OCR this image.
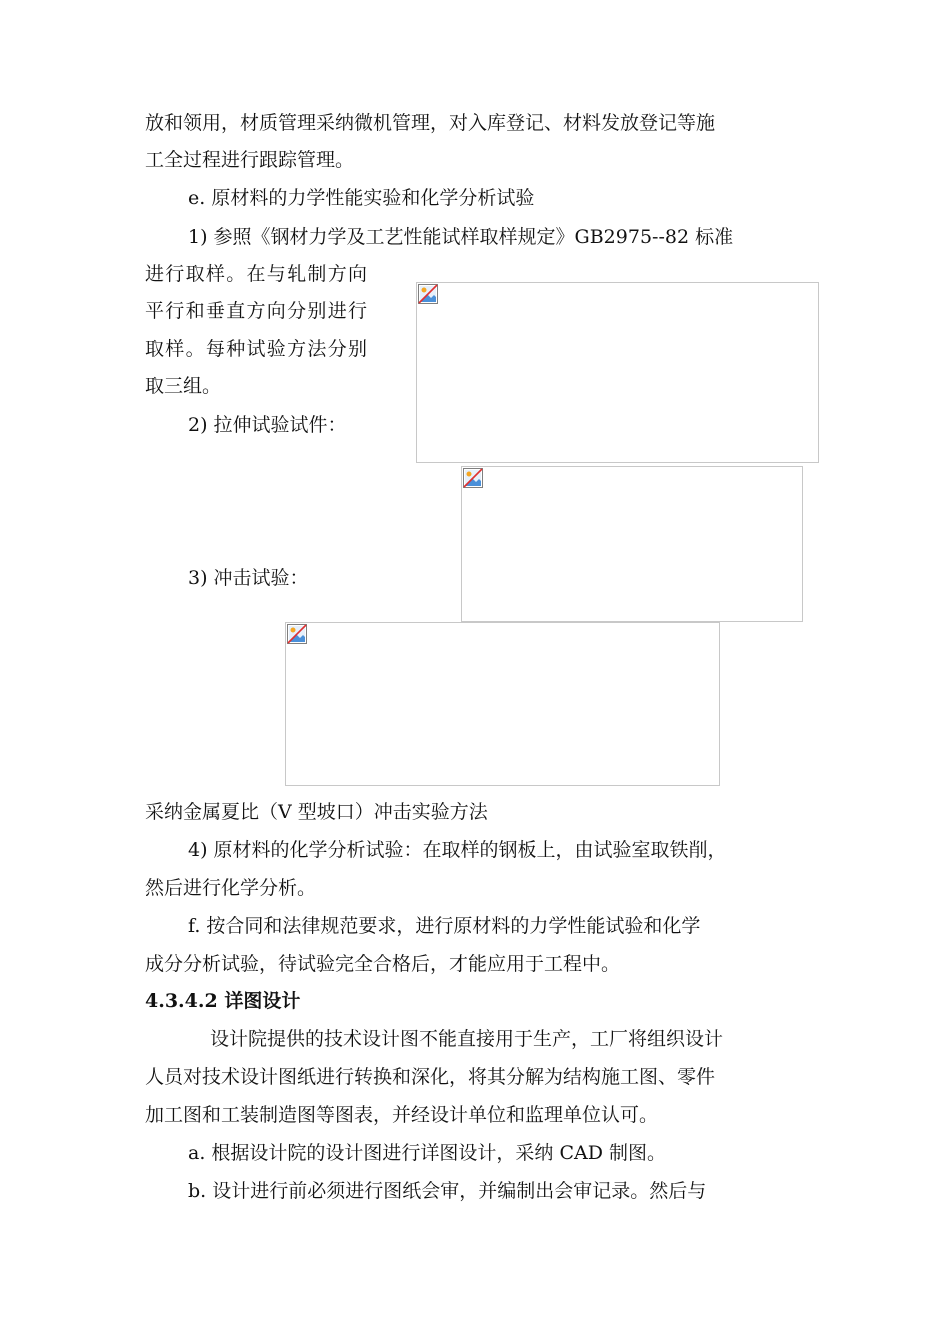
放和领用，材质管理采纳微机管理，对入库登记、材料发放登记等施
工全过程进行跟踪管理。
e. 原材料的力学性能实验和化学分析试验
1) 参照《钢材力学及工艺性能试样取样规定》GB2975--82 标准
进行取样。在与轧制方向
平行和垂直方向分别进行
取样。每种试验方法分别
取三组。
2) 拉伸试验试件：
3) 冲击试验：
采纳金属夏比（V 型坡口）冲击实验方法
4) 原材料的化学分析试验：在取样的钢板上，由试验室取铁削，
然后进行化学分析。
f. 按合同和法律规范要求，进行原材料的力学性能试验和化学
成分分析试验，待试验完全合格后，才能应用于工程中。
4.3.4.2 详图设计
设计院提供的技术设计图不能直接用于生产，工厂将组织设计
人员对技术设计图纸进行转换和深化，将其分解为结构施工图、零件
加工图和工装制造图等图表，并经设计单位和监理单位认可。
a. 根据设计院的设计图进行详图设计，采纳 CAD 制图。
b. 设计进行前必须进行图纸会审，并编制出会审记录。然后与
